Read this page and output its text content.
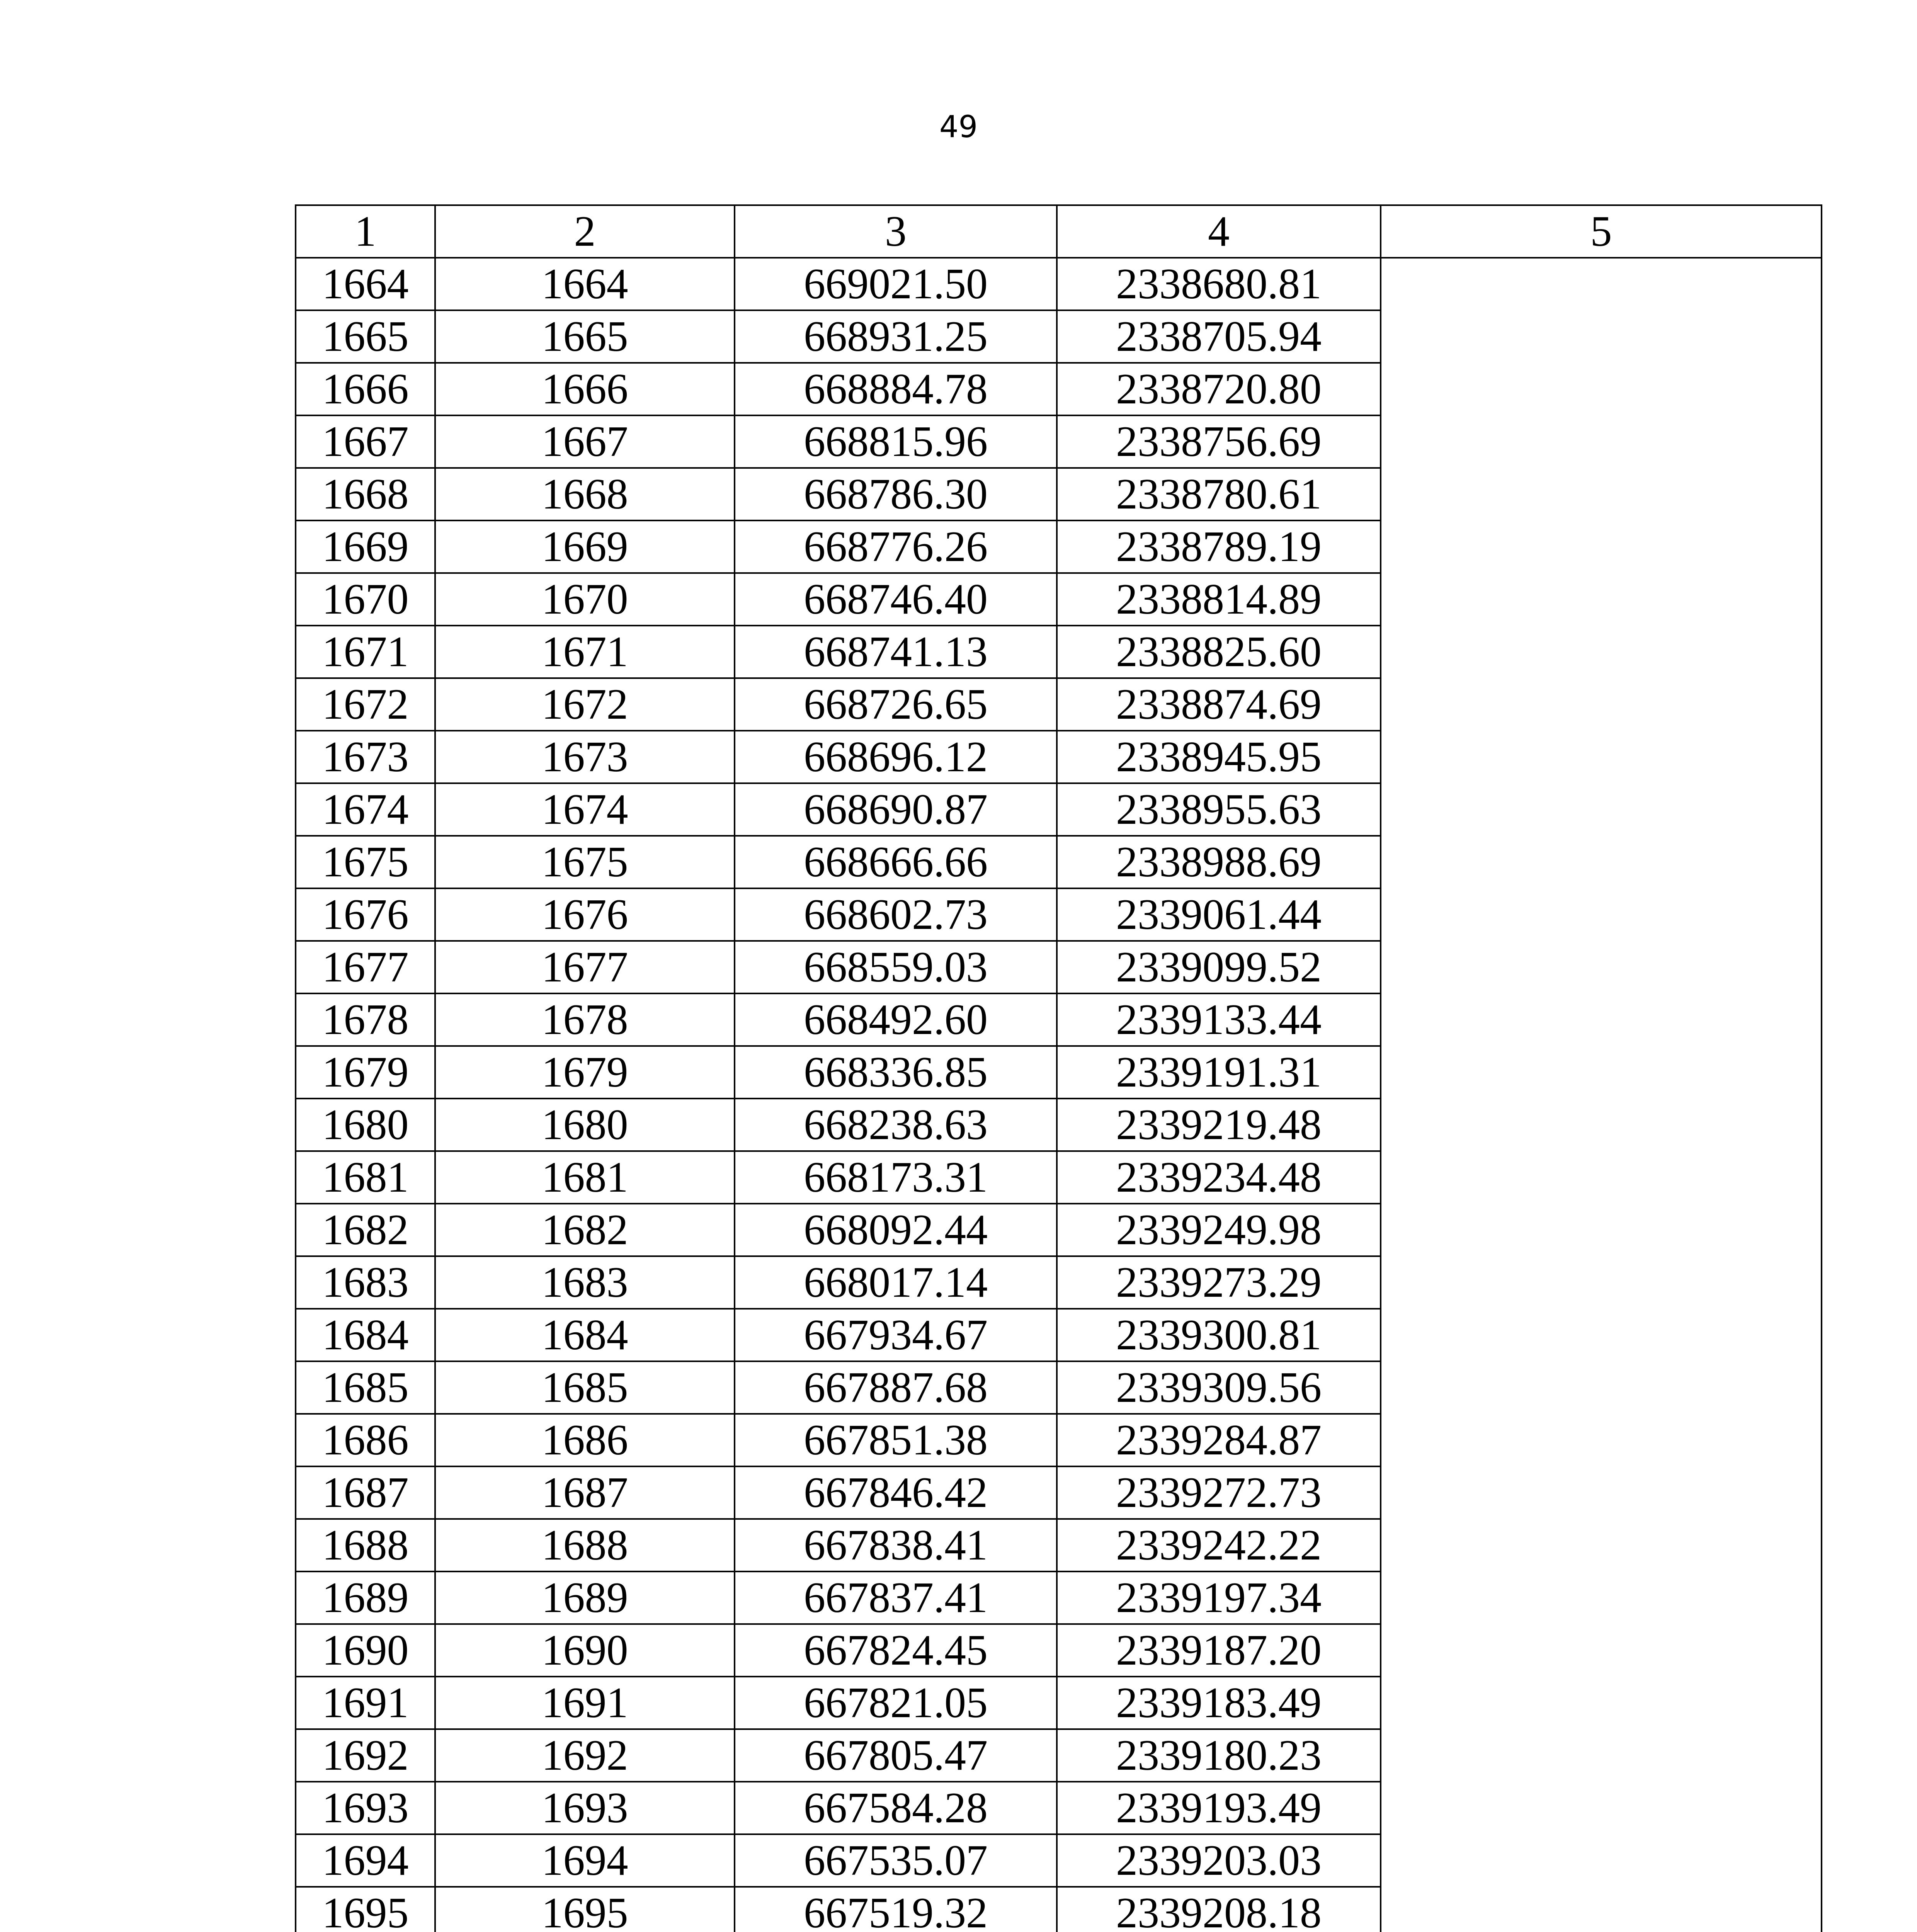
49
1	2	3	4	5
1664	1664	669021.50	2338680.81	
1665	1665	668931.25	2338705.94	
1666	1666	668884.78	2338720.80	
1667	1667	668815.96	2338756.69	
1668	1668	668786.30	2338780.61	
1669	1669	668776.26	2338789.19	
1670	1670	668746.40	2338814.89	
1671	1671	668741.13	2338825.60	
1672	1672	668726.65	2338874.69	
1673	1673	668696.12	2338945.95	
1674	1674	668690.87	2338955.63	
1675	1675	668666.66	2338988.69	
1676	1676	668602.73	2339061.44	
1677	1677	668559.03	2339099.52	
1678	1678	668492.60	2339133.44	
1679	1679	668336.85	2339191.31	
1680	1680	668238.63	2339219.48	
1681	1681	668173.31	2339234.48	
1682	1682	668092.44	2339249.98	
1683	1683	668017.14	2339273.29	
1684	1684	667934.67	2339300.81	
1685	1685	667887.68	2339309.56	
1686	1686	667851.38	2339284.87	
1687	1687	667846.42	2339272.73	
1688	1688	667838.41	2339242.22	
1689	1689	667837.41	2339197.34	
1690	1690	667824.45	2339187.20	
1691	1691	667821.05	2339183.49	
1692	1692	667805.47	2339180.23	
1693	1693	667584.28	2339193.49	
1694	1694	667535.07	2339203.03	
1695	1695	667519.32	2339208.18	
